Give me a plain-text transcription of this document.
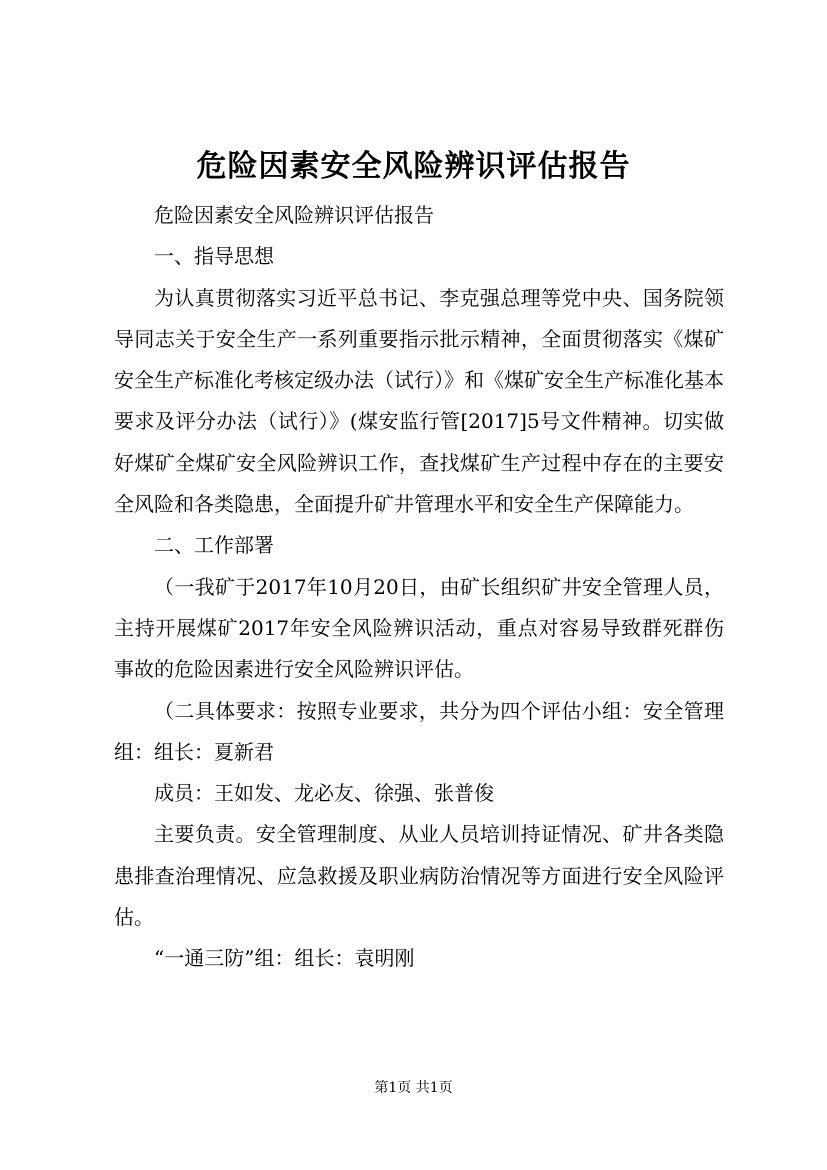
危险因素安全风险辨识评估报告

危险因素安全风险辨识评估报告

一、指导思想

为认真贯彻落实习近平总书记、李克强总理等党中央、国务院领导同志关于安全生产一系列重要指示批示精神，全面贯彻落实《煤矿安全生产标准化考核定级办法（试行）》和《煤矿安全生产标准化基本要求及评分办法（试行）》(煤安监行管[2017]5号文件精神。切实做好煤矿全煤矿安全风险辨识工作，查找煤矿生产过程中存在的主要安全风险和各类隐患，全面提升矿井管理水平和安全生产保障能力。

二、工作部署

（一我矿于2017年10月20日，由矿长组织矿井安全管理人员，主持开展煤矿2017年安全风险辨识活动，重点对容易导致群死群伤事故的危险因素进行安全风险辨识评估。

（二具体要求：按照专业要求，共分为四个评估小组：安全管理组：组长：夏新君

成员：王如发、龙必友、徐强、张普俊

主要负责。安全管理制度、从业人员培训持证情况、矿井各类隐患排查治理情况、应急救援及职业病防治情况等方面进行安全风险评估。

“一通三防”组：组长：袁明刚

第1页 共1页
